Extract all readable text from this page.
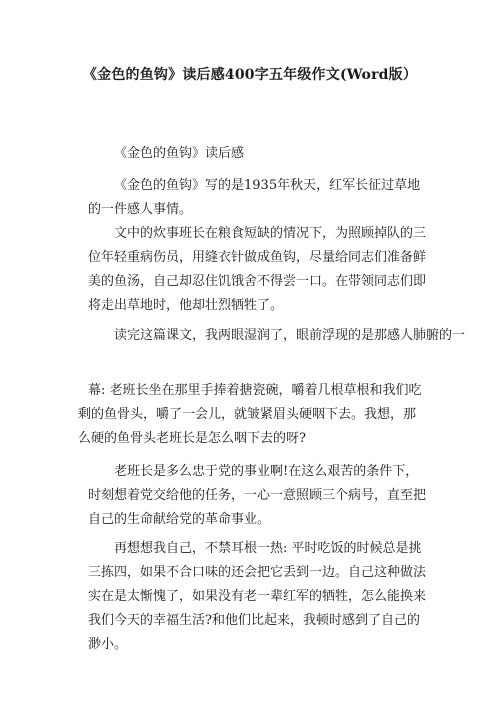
《金色的鱼钩》读后感400字五年级作文(Word版）

《金色的鱼钩》读后感

《金色的鱼钩》写的是1935年秋天，红军长征过草地的一件感人事情。

文中的炊事班长在粮食短缺的情况下，为照顾掉队的三位年轻重病伤员，用缝衣针做成鱼钩，尽量给同志们准备鲜美的鱼汤，自己却忍住饥饿舍不得尝一口。在带领同志们即将走出草地时，他却壮烈牺牲了。

读完这篇课文，我两眼湿润了，眼前浮现的是那感人肺腑的一

幕: 老班长坐在那里手捧着搪瓷碗，嚼着几根草根和我们吃剩的鱼骨头，嚼了一会儿，就皱紧眉头硬咽下去。我想，那么硬的鱼骨头老班长是怎么咽下去的呀?

老班长是多么忠于党的事业啊!在这么艰苦的条件下，时刻想着党交给他的任务，一心一意照顾三个病号，直至把自己的生命献给党的革命事业。

再想想我自己，不禁耳根一热: 平时吃饭的时候总是挑三拣四，如果不合口味的还会把它丢到一边。自己这种做法实在是太惭愧了，如果没有老一辈红军的牺牲，怎么能换来我们今天的幸福生活?和他们比起来，我顿时感到了自己的渺小。
